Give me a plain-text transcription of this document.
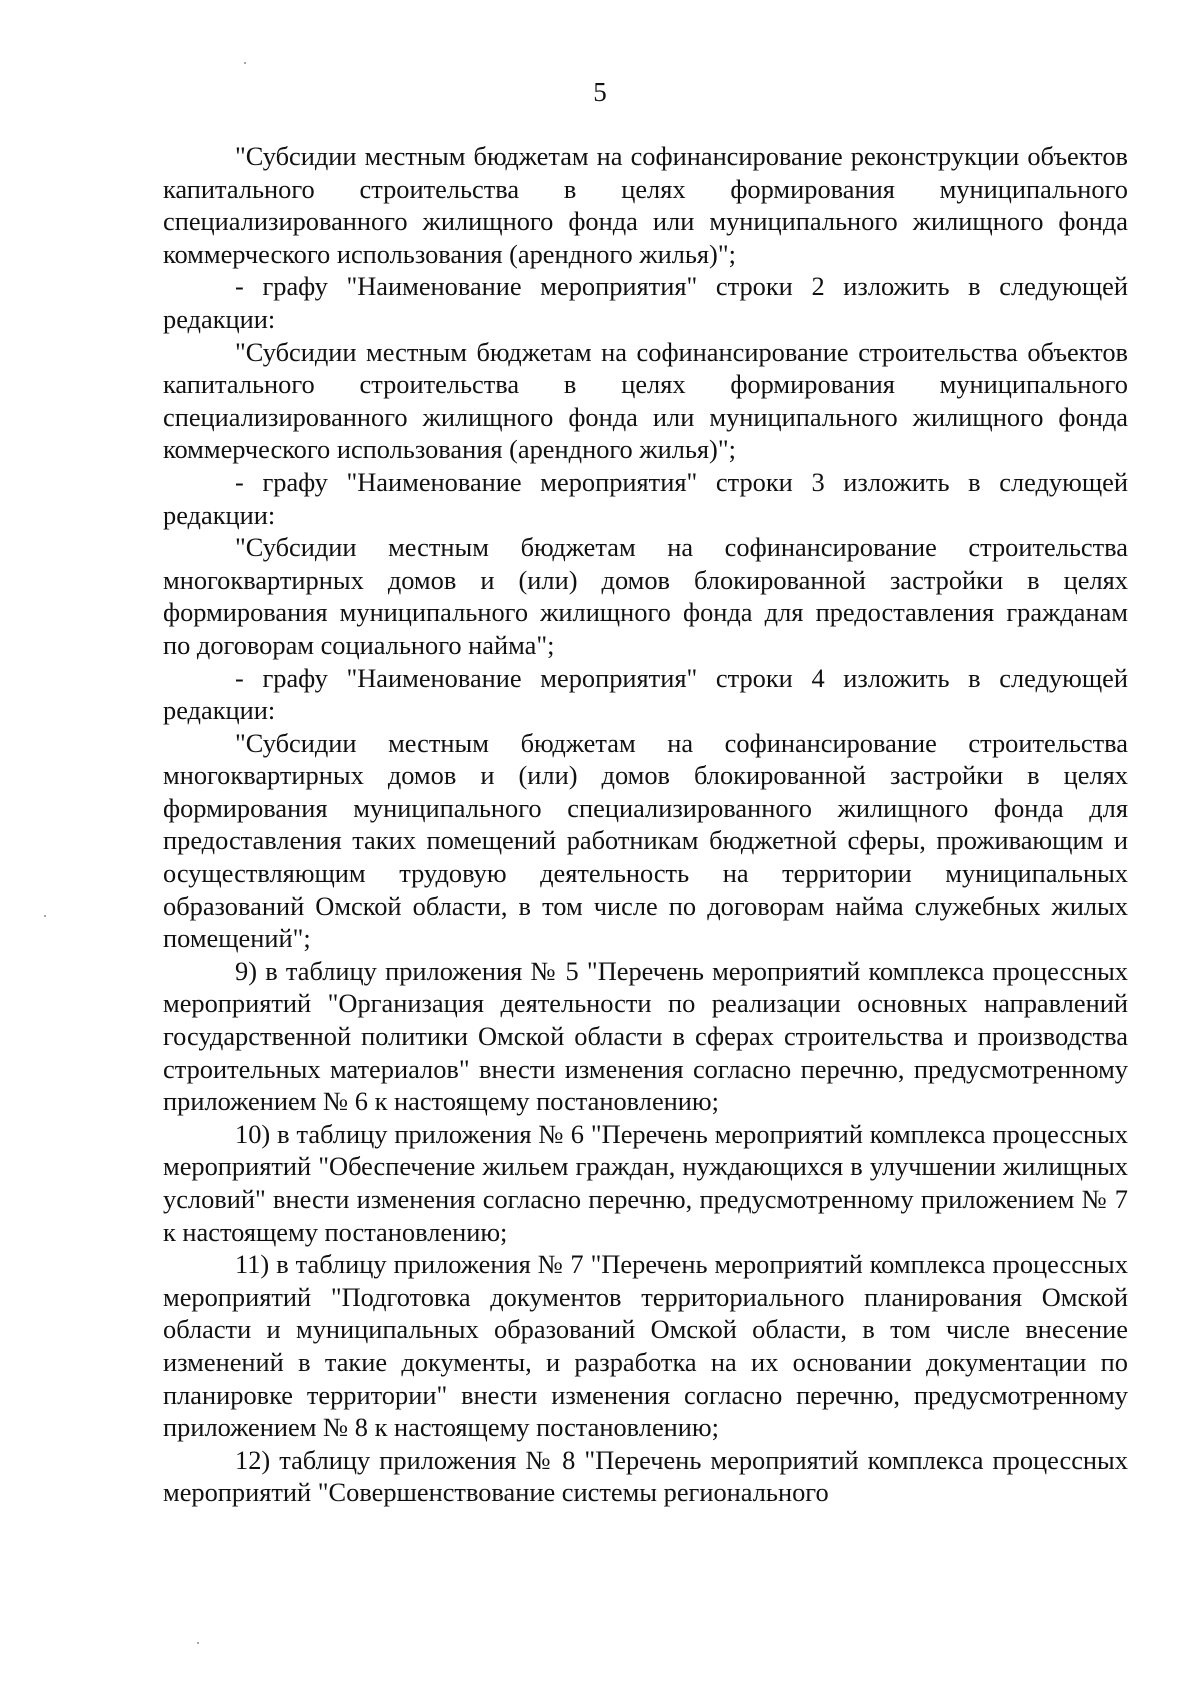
5

"Субсидии местным бюджетам на софинансирование реконструкции объектов капитального строительства в целях формирования муниципального специализированного жилищного фонда или муниципального жилищного фонда коммерческого использования (арендного жилья)";

- графу "Наименование мероприятия" строки 2 изложить в следующей редакции:

"Субсидии местным бюджетам на софинансирование строительства объектов капитального строительства в целях формирования муниципального специализированного жилищного фонда или муниципального жилищного фонда коммерческого использования (арендного жилья)";

- графу "Наименование мероприятия" строки 3 изложить в следующей редакции:

"Субсидии местным бюджетам на софинансирование строительства многоквартирных домов и (или) домов блокированной застройки в целях формирования муниципального жилищного фонда для предоставления гражданам по договорам социального найма";

- графу "Наименование мероприятия" строки 4 изложить в следующей редакции:

"Субсидии местным бюджетам на софинансирование строительства многоквартирных домов и (или) домов блокированной застройки в целях формирования муниципального специализированного жилищного фонда для предоставления таких помещений работникам бюджетной сферы, проживающим и осуществляющим трудовую деятельность на территории муниципальных образований Омской области, в том числе по договорам найма служебных жилых помещений";

9) в таблицу приложения № 5 "Перечень мероприятий комплекса процессных мероприятий "Организация деятельности по реализации основных направлений государственной политики Омской области в сферах строительства и производства строительных материалов" внести изменения согласно перечню, предусмотренному приложением № 6 к настоящему постановлению;

10) в таблицу приложения № 6 "Перечень мероприятий комплекса процессных мероприятий "Обеспечение жильем граждан, нуждающихся в улучшении жилищных условий" внести изменения согласно перечню, предусмотренному приложением № 7 к настоящему постановлению;

11) в таблицу приложения № 7 "Перечень мероприятий комплекса процессных мероприятий "Подготовка документов территориального планирования Омской области и муниципальных образований Омской области, в том числе внесение изменений в такие документы, и разработка на их основании документации по планировке территории" внести изменения согласно перечню, предусмотренному приложением № 8 к настоящему постановлению;

12) таблицу приложения № 8 "Перечень мероприятий комплекса процессных мероприятий "Совершенствование системы регионального
